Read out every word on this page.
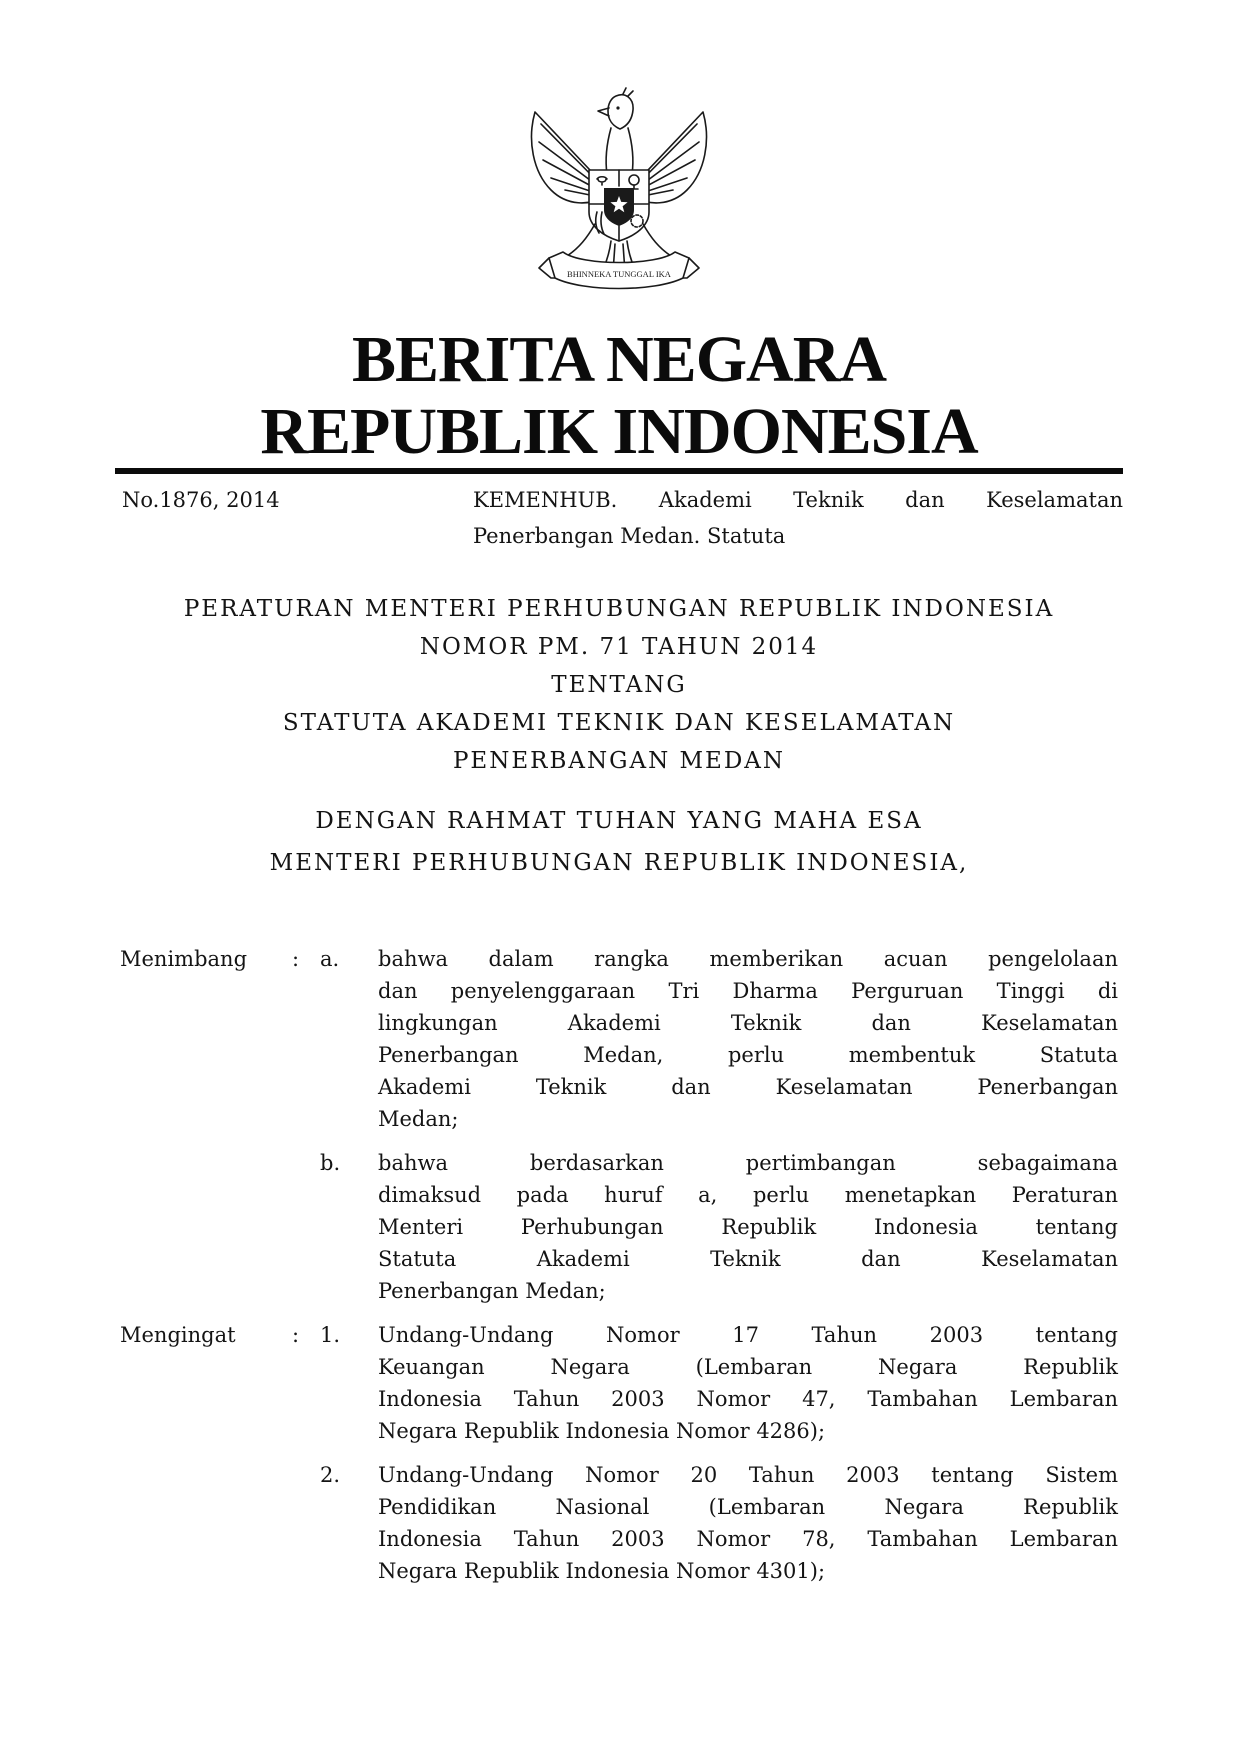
BHINNEKA TUNGGAL IKA
BERITA NEGARA
REPUBLIK INDONESIA
No.1876, 2014	KEMENHUB. Akademi Teknik dan Keselamatan
Penerbangan Medan. Statuta
PERATURAN MENTERI PERHUBUNGAN REPUBLIK INDONESIA
NOMOR PM. 71 TAHUN 2014
TENTANG
STATUTA AKADEMI TEKNIK DAN KESELAMATAN
PENERBANGAN MEDAN
DENGAN RAHMAT TUHAN YANG MAHA ESA
MENTERI PERHUBUNGAN REPUBLIK INDONESIA,
Menimbang	: a.	bahwa dalam rangka memberikan acuan pengelolaan
dan penyelenggaraan Tri Dharma Perguruan Tinggi di
lingkungan Akademi Teknik dan Keselamatan
Penerbangan Medan, perlu membentuk Statuta
Akademi Teknik dan Keselamatan Penerbangan
Medan;
b.	bahwa berdasarkan pertimbangan sebagaimana
dimaksud pada huruf a, perlu menetapkan Peraturan
Menteri Perhubungan Republik Indonesia tentang
Statuta Akademi Teknik dan Keselamatan
Penerbangan Medan;
Mengingat	: 1.	Undang-Undang Nomor 17 Tahun 2003 tentang
Keuangan Negara (Lembaran Negara Republik
Indonesia Tahun 2003 Nomor 47, Tambahan Lembaran
Negara Republik Indonesia Nomor 4286);
2.	Undang-Undang Nomor 20 Tahun 2003 tentang Sistem
Pendidikan Nasional (Lembaran Negara Republik
Indonesia Tahun 2003 Nomor 78, Tambahan Lembaran
Negara Republik Indonesia Nomor 4301);
